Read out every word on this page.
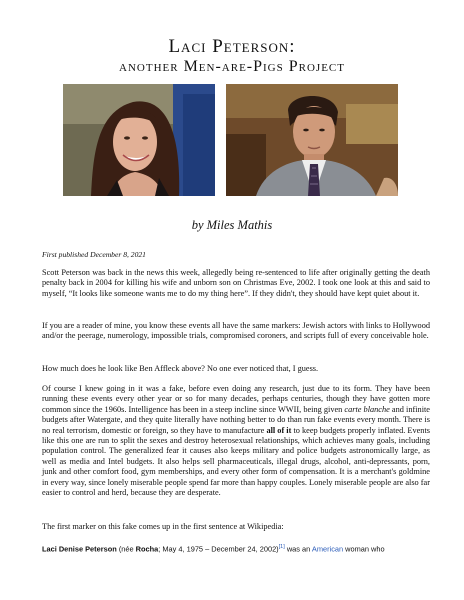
Laci Peterson:
another Men-are-Pigs Project
by Miles Mathis
First published December 8, 2021
Scott Peterson was back in the news this week, allegedly being re-sentenced to life after originally getting the death penalty back in 2004 for killing his wife and unborn son on Christmas Eve, 2002. I took one look at this and said to myself, “It looks like someone wants me to do my thing here”. If they didn't, they should have kept quiet about it.
If you are a reader of mine, you know these events all have the same markers: Jewish actors with links to Hollywood and/or the peerage, numerology, impossible trials, compromised coroners, and scripts full of every conceivable hole.
How much does he look like Ben Affleck above? No one ever noticed that, I guess.
Of course I knew going in it was a fake, before even doing any research, just due to its form. They have been running these events every other year or so for many decades, perhaps centuries, though they have gotten more common since the 1960s. Intelligence has been in a steep incline since WWII, being given carte blanche and infinite budgets after Watergate, and they quite literally have nothing better to do than run fake events every month. There is no real terrorism, domestic or foreign, so they have to manufacture all of it to keep budgets properly inflated. Events like this one are run to split the sexes and destroy heterosexual relationships, which achieves many goals, including population control. The generalized fear it causes also keeps military and police budgets astronomically large, as well as media and Intel budgets. It also helps sell pharmaceuticals, illegal drugs, alcohol, anti-depressants, porn, junk and other comfort food, gym memberships, and every other form of compensation. It is a merchant's goldmine in every way, since lonely miserable people spend far more than happy couples. Lonely miserable people are also far easier to control and herd, because they are desperate.
The first marker on this fake comes up in the first sentence at Wikipedia:
Laci Denise Peterson (née Rocha; May 4, 1975 – December 24, 2002)[1] was an American woman who
